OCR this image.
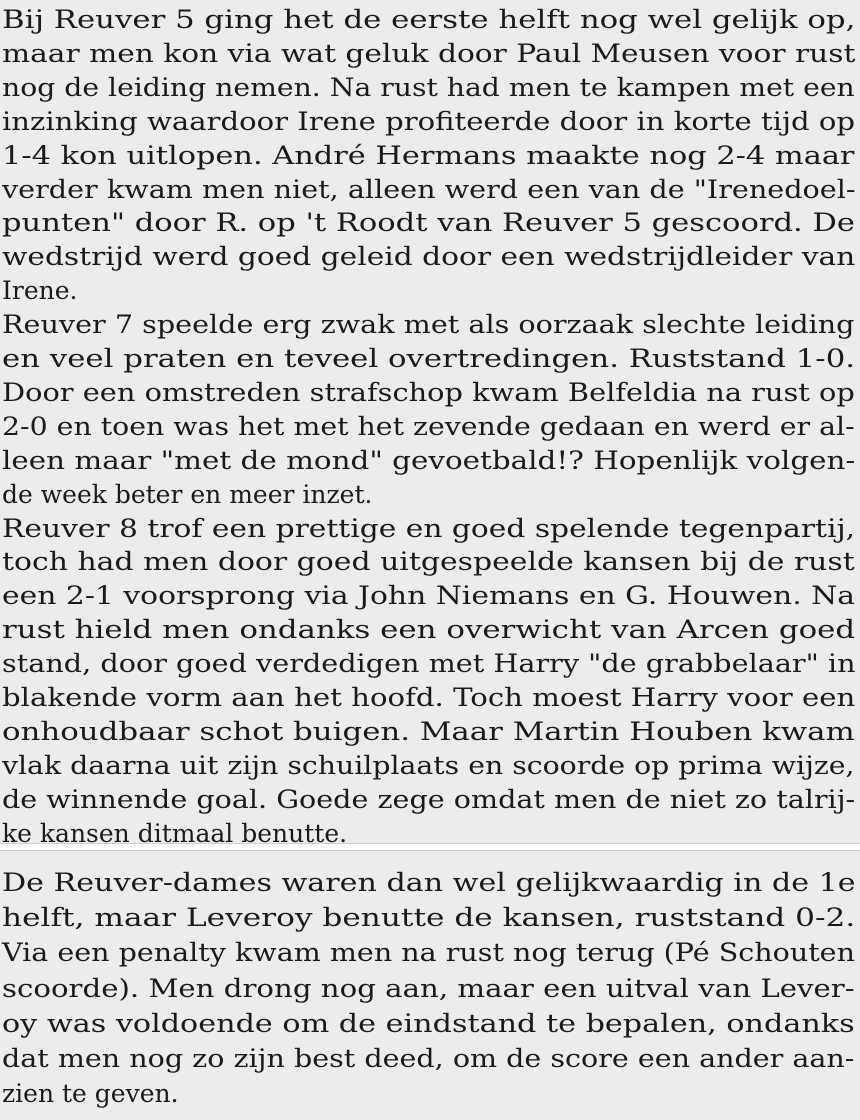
Bij Reuver 5 ging het de eerste helft nog wel gelijk op,
maar men kon via wat geluk door Paul Meusen voor rust
nog de leiding nemen. Na rust had men te kampen met een
inzinking waardoor Irene profiteerde door in korte tijd op
1-4 kon uitlopen. André Hermans maakte nog 2-4 maar
verder kwam men niet, alleen werd een van de "Irenedoel-
punten" door R. op 't Roodt van Reuver 5 gescoord. De
wedstrijd werd goed geleid door een wedstrijdleider van
Irene.
Reuver 7 speelde erg zwak met als oorzaak slechte leiding
en veel praten en teveel overtredingen. Ruststand 1-0.
Door een omstreden strafschop kwam Belfeldia na rust op
2-0 en toen was het met het zevende gedaan en werd er al-
leen maar "met de mond" gevoetbald!? Hopenlijk volgen-
de week beter en meer inzet.
Reuver 8 trof een prettige en goed spelende tegenpartij,
toch had men door goed uitgespeelde kansen bij de rust
een 2-1 voorsprong via John Niemans en G. Houwen. Na
rust hield men ondanks een overwicht van Arcen goed
stand, door goed verdedigen met Harry "de grabbelaar" in
blakende vorm aan het hoofd. Toch moest Harry voor een
onhoudbaar schot buigen. Maar Martin Houben kwam
vlak daarna uit zijn schuilplaats en scoorde op prima wijze,
de winnende goal. Goede zege omdat men de niet zo talrij-
ke kansen ditmaal benutte.
De Reuver-dames waren dan wel gelijkwaardig in de 1e
helft, maar Leveroy benutte de kansen, ruststand 0-2.
Via een penalty kwam men na rust nog terug (Pé Schouten
scoorde). Men drong nog aan, maar een uitval van Lever-
oy was voldoende om de eindstand te bepalen, ondanks
dat men nog zo zijn best deed, om de score een ander aan-
zien te geven.
